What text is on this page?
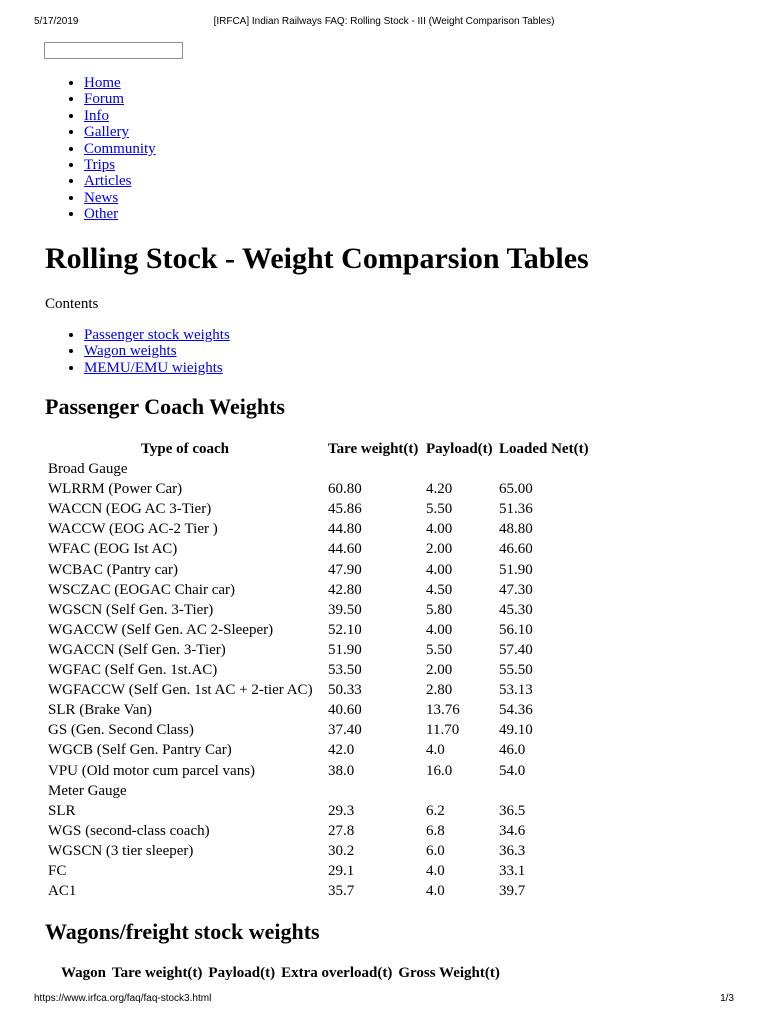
5/17/2019	[IRFCA] Indian Railways FAQ: Rolling Stock - III (Weight Comparison Tables)
• Home
• Forum
• Info
• Gallery
• Community
• Trips
• Articles
• News
• Other
Rolling Stock - Weight Comparsion Tables
Contents
• Passenger stock weights
• Wagon weights
• MEMU/EMU wieights
Passenger Coach Weights
Type of coach	Tare weight(t)	Payload(t)	Loaded Net(t)
Broad Gauge			
WLRRM (Power Car)	60.80	4.20	65.00
WACCN (EOG AC 3-Tier)	45.86	5.50	51.36
WACCW (EOG AC-2 Tier )	44.80	4.00	48.80
WFAC (EOG Ist AC)	44.60	2.00	46.60
WCBAC (Pantry car)	47.90	4.00	51.90
WSCZAC (EOGAC Chair car)	42.80	4.50	47.30
WGSCN (Self Gen. 3-Tier)	39.50	5.80	45.30
WGACCW (Self Gen. AC 2-Sleeper)	52.10	4.00	56.10
WGACCN (Self Gen. 3-Tier)	51.90	5.50	57.40
WGFAC (Self Gen. 1st.AC)	53.50	2.00	55.50
WGFACCW (Self Gen. 1st AC + 2-tier AC)	50.33	2.80	53.13
SLR (Brake Van)	40.60	13.76	54.36
GS (Gen. Second Class)	37.40	11.70	49.10
WGCB (Self Gen. Pantry Car)	42.0	4.0	46.0
VPU (Old motor cum parcel vans)	38.0	16.0	54.0
Meter Gauge			
SLR	29.3	6.2	36.5
WGS (second-class coach)	27.8	6.8	34.6
WGSCN (3 tier sleeper)	30.2	6.0	36.3
FC	29.1	4.0	33.1
AC1	35.7	4.0	39.7
Wagons/freight stock weights
Wagon	Tare weight(t)	Payload(t)	Extra overload(t)	Gross Weight(t)
https://www.irfca.org/faq/faq-stock3.html	1/3
